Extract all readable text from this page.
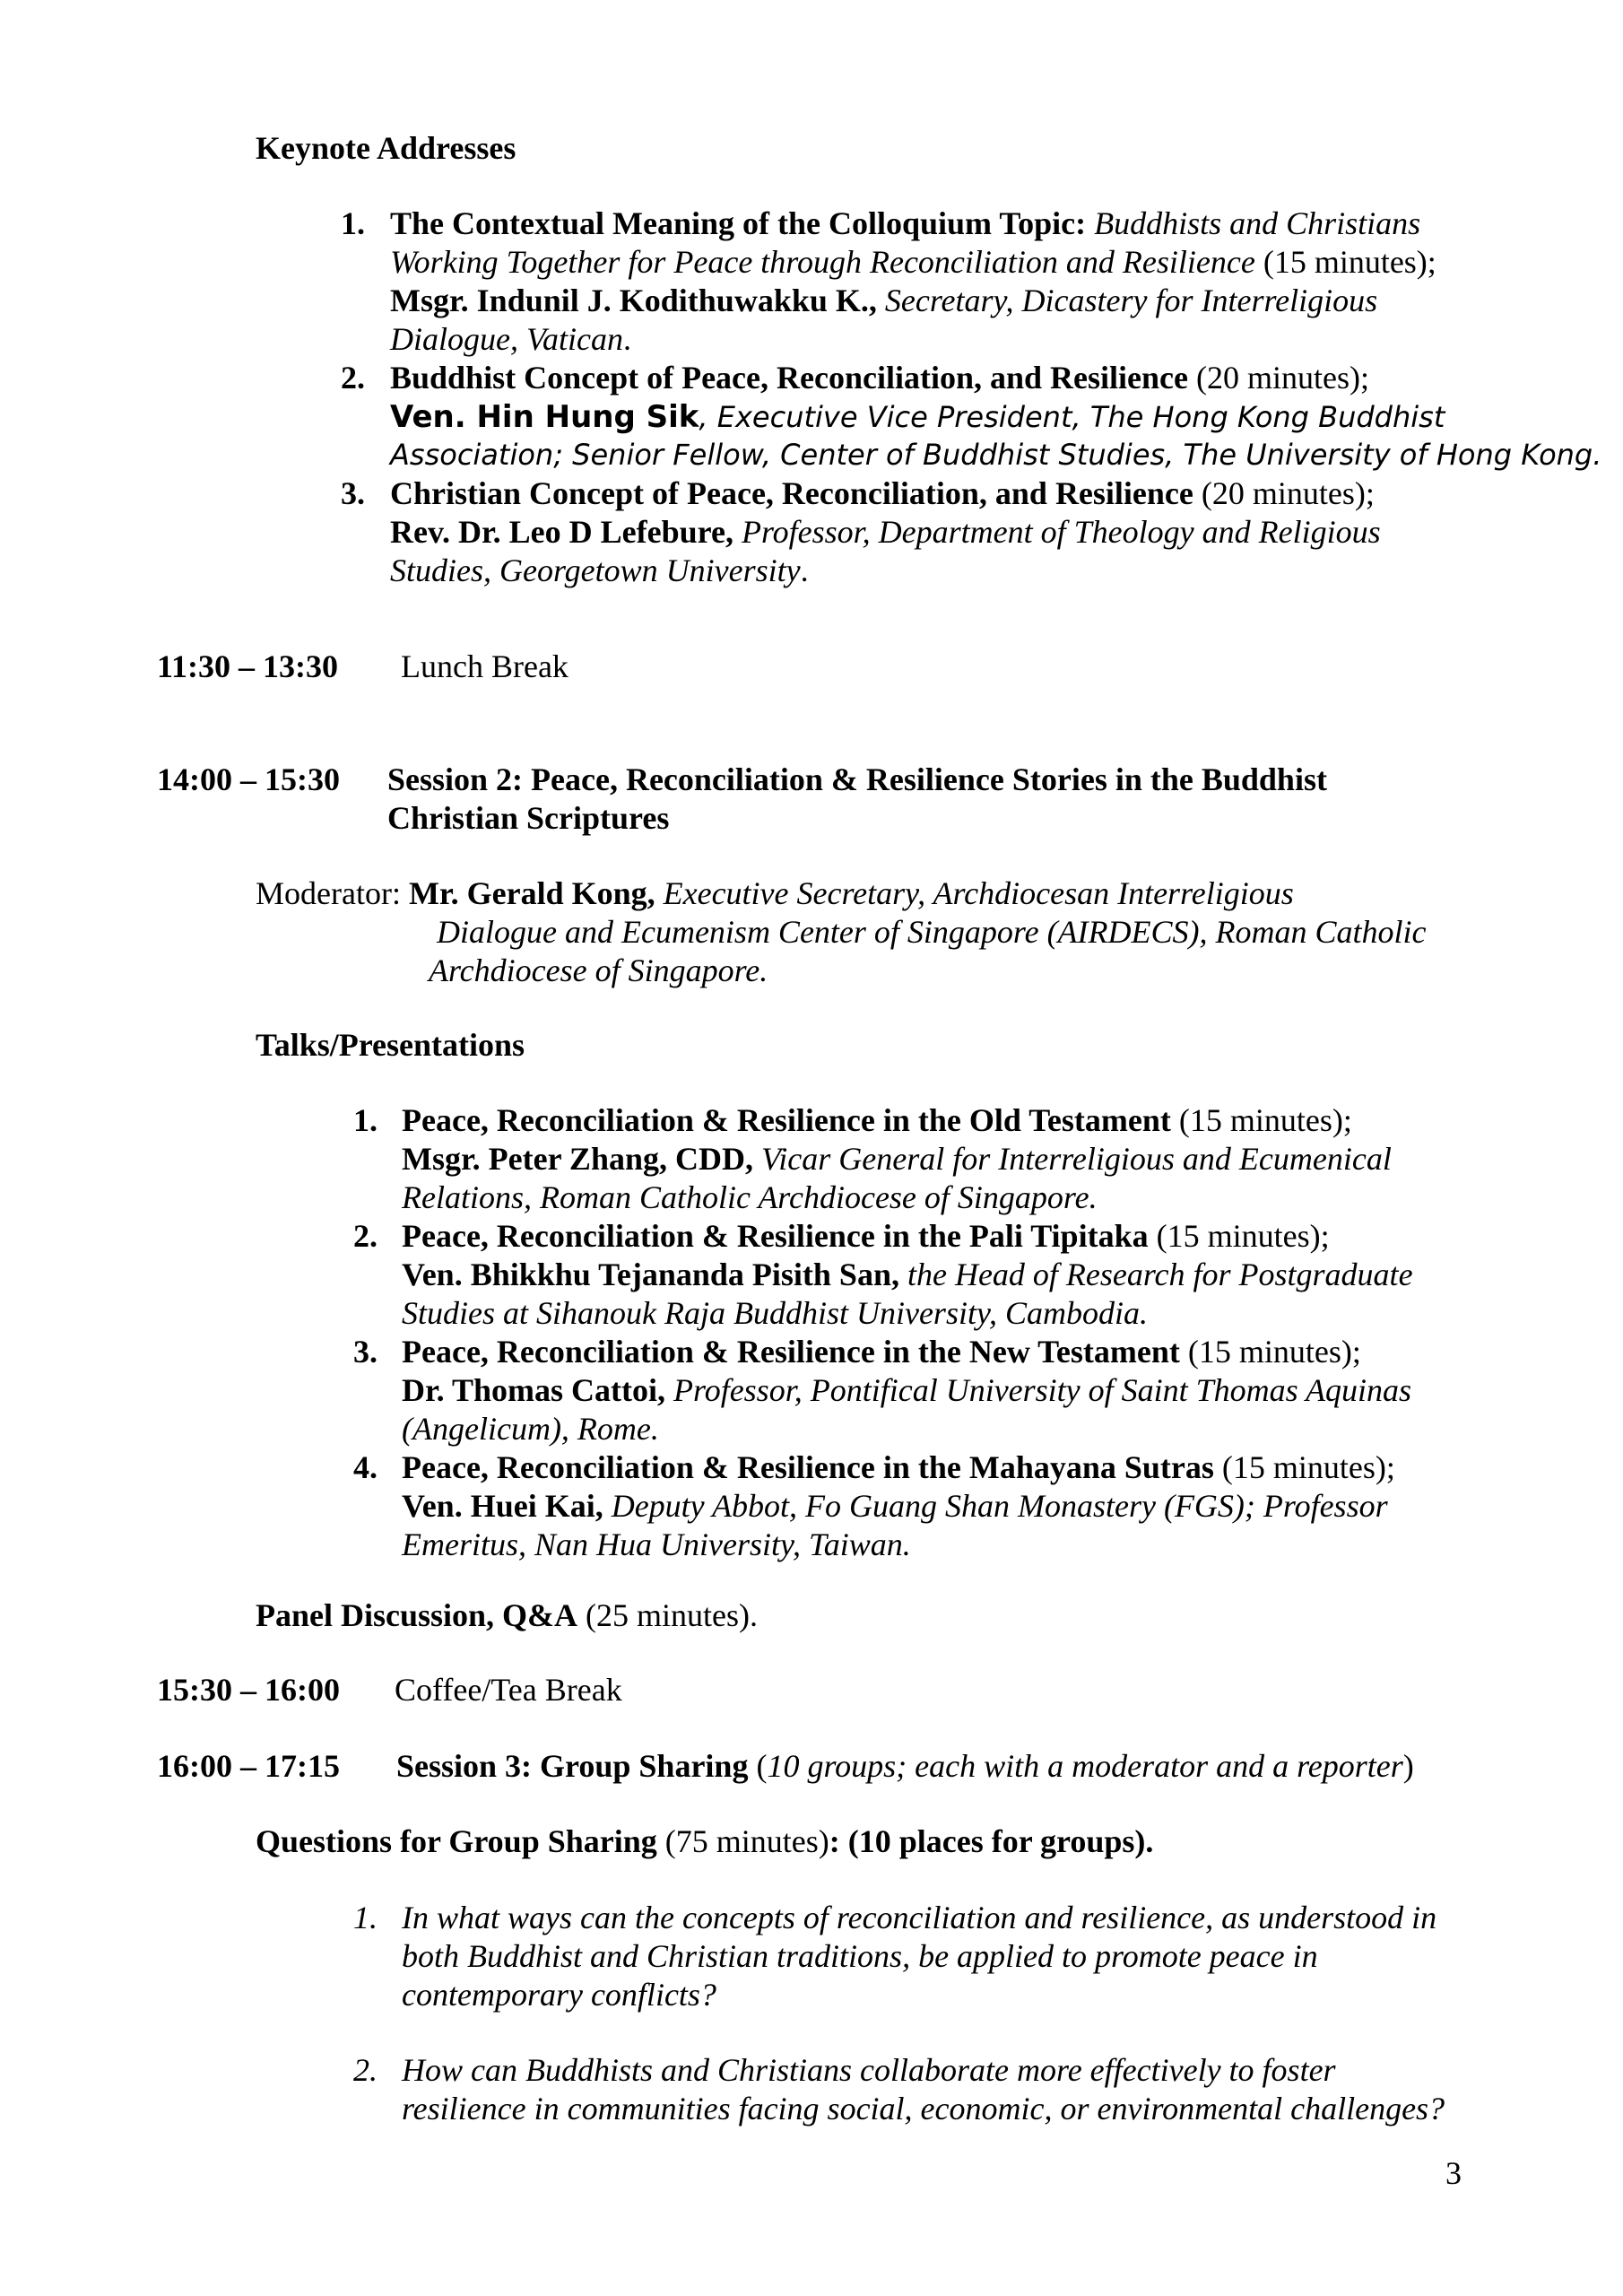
Keynote Addresses
1. The Contextual Meaning of the Colloquium Topic: Buddhists and Christians
Working Together for Peace through Reconciliation and Resilience (15 minutes);
Msgr. Indunil J. Kodithuwakku K., Secretary, Dicastery for Interreligious
Dialogue, Vatican.
2. Buddhist Concept of Peace, Reconciliation, and Resilience (20 minutes);
Ven. Hin Hung Sik, Executive Vice President, The Hong Kong Buddhist
Association; Senior Fellow, Center of Buddhist Studies, The University of Hong Kong.
3. Christian Concept of Peace, Reconciliation, and Resilience (20 minutes);
Rev. Dr. Leo D Lefebure, Professor, Department of Theology and Religious
Studies, Georgetown University.
11:30 – 13:30 Lunch Break
14:00 – 15:30 Session 2: Peace, Reconciliation & Resilience Stories in the Buddhist
Christian Scriptures
Moderator: Mr. Gerald Kong, Executive Secretary, Archdiocesan Interreligious
Dialogue and Ecumenism Center of Singapore (AIRDECS), Roman Catholic
Archdiocese of Singapore.
Talks/Presentations
1. Peace, Reconciliation & Resilience in the Old Testament (15 minutes);
Msgr. Peter Zhang, CDD, Vicar General for Interreligious and Ecumenical
Relations, Roman Catholic Archdiocese of Singapore.
2. Peace, Reconciliation & Resilience in the Pali Tipitaka (15 minutes);
Ven. Bhikkhu Tejananda Pisith San, the Head of Research for Postgraduate
Studies at Sihanouk Raja Buddhist University, Cambodia.
3. Peace, Reconciliation & Resilience in the New Testament (15 minutes);
Dr. Thomas Cattoi, Professor, Pontifical University of Saint Thomas Aquinas
(Angelicum), Rome.
4. Peace, Reconciliation & Resilience in the Mahayana Sutras (15 minutes);
Ven. Huei Kai, Deputy Abbot, Fo Guang Shan Monastery (FGS); Professor
Emeritus, Nan Hua University, Taiwan.
Panel Discussion, Q&A (25 minutes).
15:30 – 16:00 Coffee/Tea Break
16:00 – 17:15 Session 3: Group Sharing (10 groups; each with a moderator and a reporter)
Questions for Group Sharing (75 minutes): (10 places for groups).
1. In what ways can the concepts of reconciliation and resilience, as understood in
both Buddhist and Christian traditions, be applied to promote peace in
contemporary conflicts?
2. How can Buddhists and Christians collaborate more effectively to foster
resilience in communities facing social, economic, or environmental challenges?
3
